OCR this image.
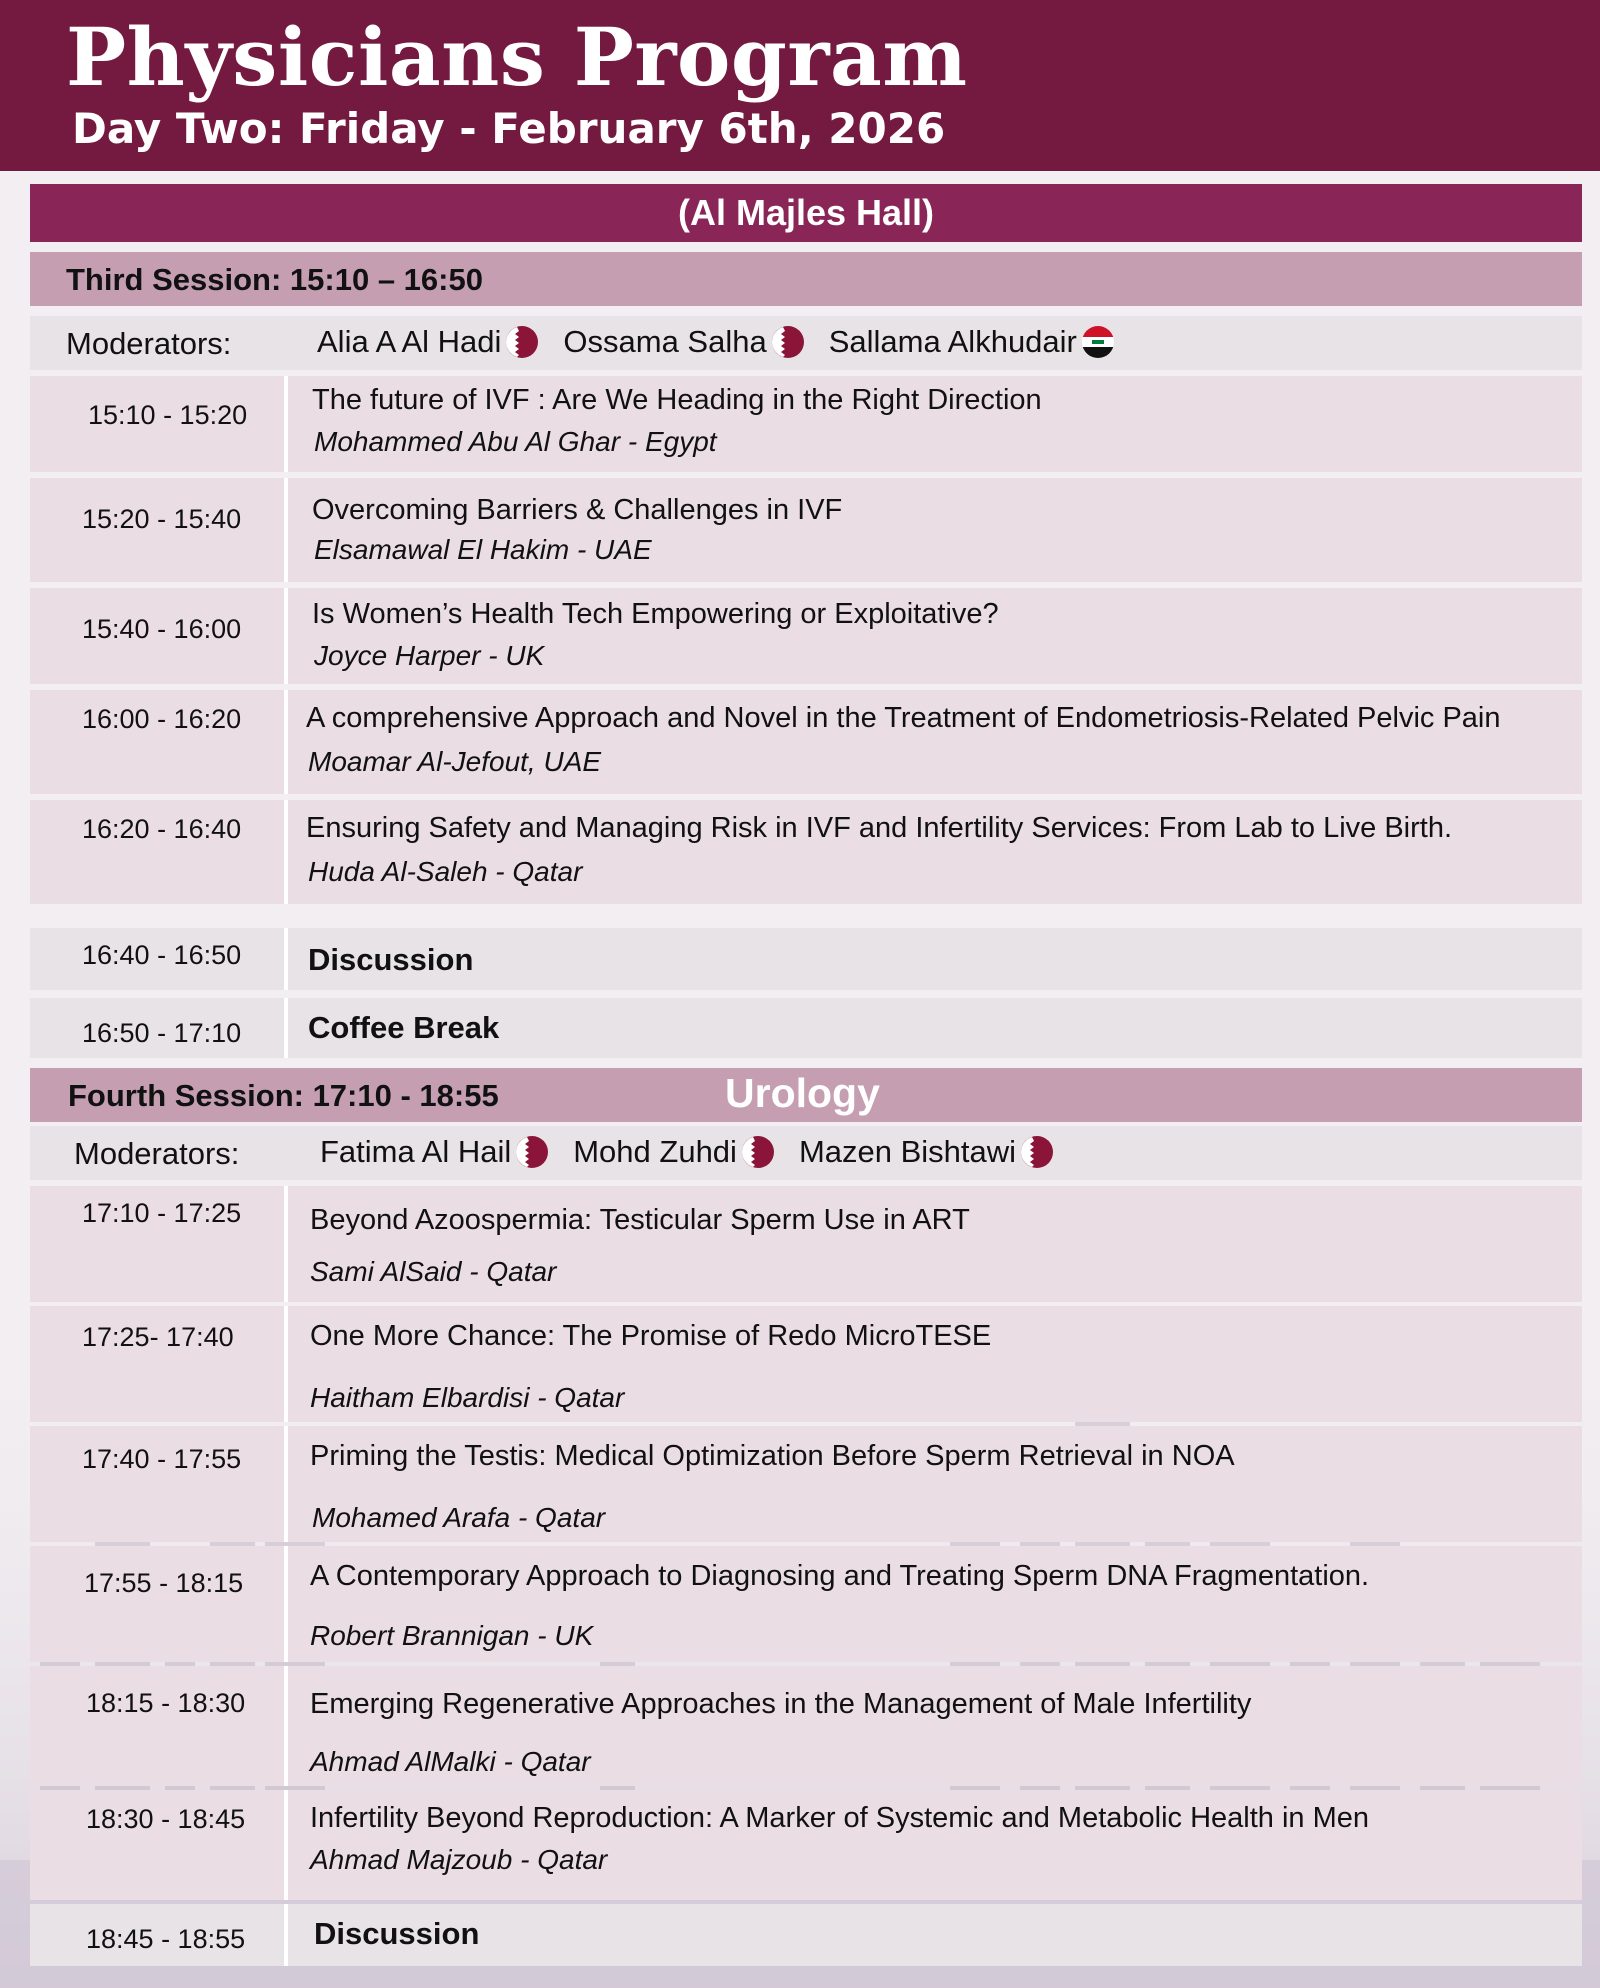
Physicians Program
Day Two: Friday - February 6th, 2026
(Al Majles Hall)
Third Session: 15:10 – 16:50
Moderators:	Alia A Al Hadi Ossama Salha Sallama Alkhudair
15:10 - 15:20 The future of IVF : Are We Heading in the Right Direction
Mohammed Abu Al Ghar - Egypt
15:20 - 15:40 Overcoming Barriers & Challenges in IVF
Elsamawal El Hakim - UAE
15:40 - 16:00 Is Women’s Health Tech Empowering or Exploitative?
Joyce Harper - UK
16:00 - 16:20 A comprehensive Approach and Novel in the Treatment of Endometriosis-Related Pelvic Pain
Moamar Al-Jefout, UAE
16:20 - 16:40 Ensuring Safety and Managing Risk in IVF and Infertility Services: From Lab to Live Birth.
Huda Al-Saleh - Qatar
16:40 - 16:50 Discussion
16:50 - 17:10 Coffee Break
Fourth Session: 17:10 - 18:55	Urology
Moderators:	Fatima Al Hail Mohd Zuhdi Mazen Bishtawi
17:10 - 17:25 Beyond Azoospermia: Testicular Sperm Use in ART
Sami AlSaid - Qatar
17:25- 17:40	One More Chance: The Promise of Redo MicroTESE
Haitham Elbardisi - Qatar
17:40 - 17:55 Priming the Testis: Medical Optimization Before Sperm Retrieval in NOA
Mohamed Arafa - Qatar
17:55 - 18:15 A Contemporary Approach to Diagnosing and Treating Sperm DNA Fragmentation.
Robert Brannigan - UK
18:15 - 18:30 Emerging Regenerative Approaches in the Management of Male Infertility
Ahmad AlMalki - Qatar
18:30 - 18:45 Infertility Beyond Reproduction: A Marker of Systemic and Metabolic Health in Men
Ahmad Majzoub - Qatar
18:45 - 18:55 Discussion
